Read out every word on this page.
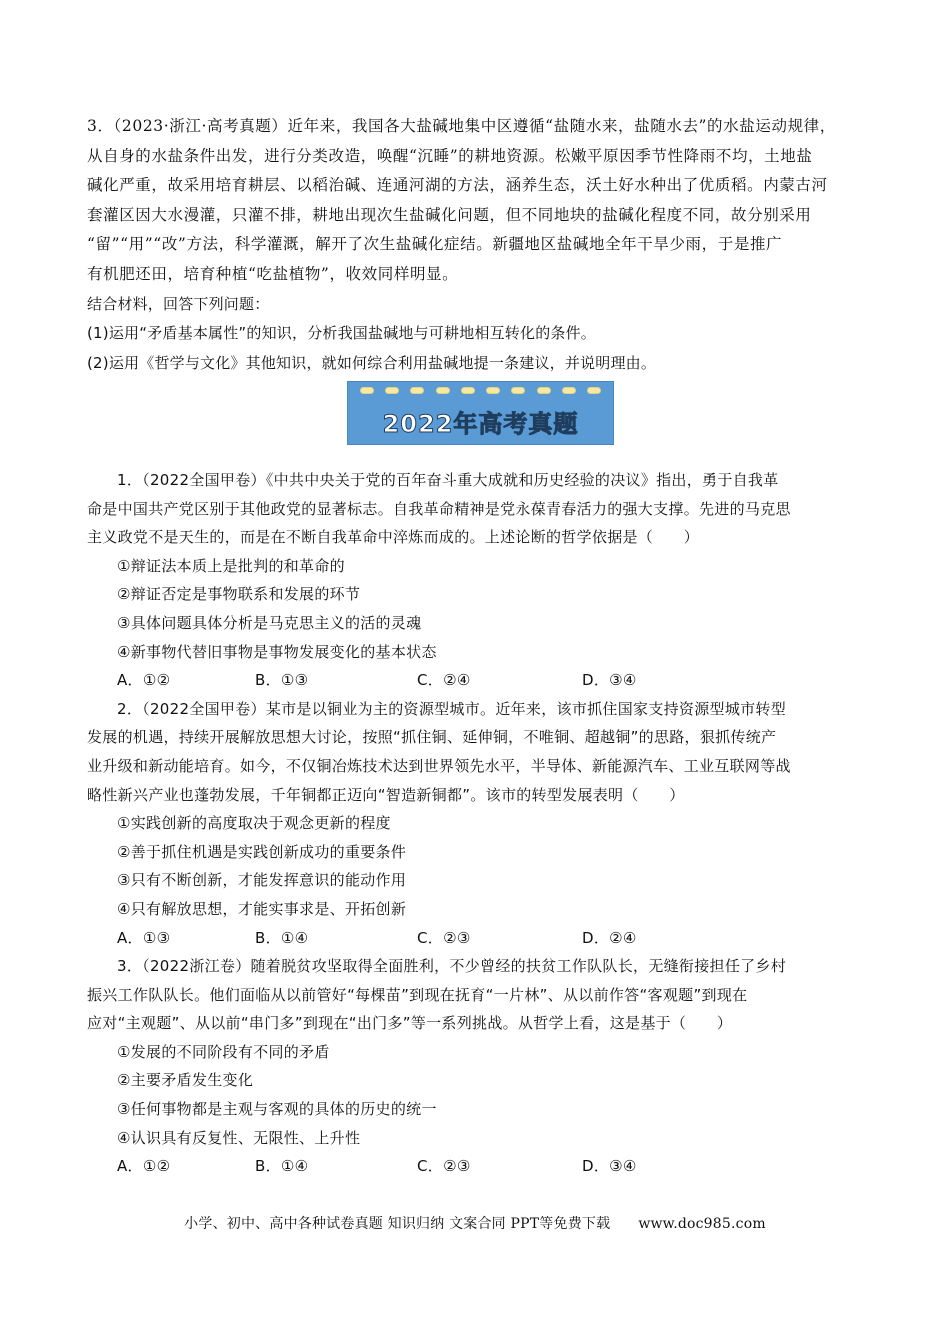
3．（2023·浙江·高考真题）近年来，我国各大盐碱地集中区遵循“盐随水来，盐随水去”的水盐运动规律，
从自身的水盐条件出发，进行分类改造，唤醒“沉睡”的耕地资源。松嫩平原因季节性降雨不均，土地盐
碱化严重，故采用培育耕层、以稻治碱、连通河湖的方法，涵养生态，沃土好水种出了优质稻。内蒙古河
套灌区因大水漫灌，只灌不排，耕地出现次生盐碱化问题，但不同地块的盐碱化程度不同，故分别采用
“留”“用”“改”方法，科学灌溉，解开了次生盐碱化症结。新疆地区盐碱地全年干旱少雨，于是推广
有机肥还田，培育种植“吃盐植物”，收效同样明显。
结合材料，回答下列问题：
(1)运用“矛盾基本属性”的知识，分析我国盐碱地与可耕地相互转化的条件。
(2)运用《哲学与文化》其他知识，就如何综合利用盐碱地提一条建议，并说明理由。
2022年高考真题
1．（2022全国甲卷）《中共中央关于党的百年奋斗重大成就和历史经验的决议》指出，勇于自我革
命是中国共产党区别于其他政党的显著标志。自我革命精神是党永葆青春活力的强大支撑。先进的马克思
主义政党不是天生的，而是在不断自我革命中淬炼而成的。上述论断的哲学依据是（　　）
①辩证法本质上是批判的和革命的
②辩证否定是事物联系和发展的环节
③具体问题具体分析是马克思主义的活的灵魂
④新事物代替旧事物是事物发展变化的基本状态
A．①②	B．①③	C．②④	D．③④
2．（2022全国甲卷）某市是以铜业为主的资源型城市。近年来，该市抓住国家支持资源型城市转型
发展的机遇，持续开展解放思想大讨论，按照“抓住铜、延伸铜，不唯铜、超越铜”的思路，狠抓传统产
业升级和新动能培育。如今，不仅铜冶炼技术达到世界领先水平，半导体、新能源汽车、工业互联网等战
略性新兴产业也蓬勃发展，千年铜都正迈向“智造新铜都”。该市的转型发展表明（　　）
①实践创新的高度取决于观念更新的程度
②善于抓住机遇是实践创新成功的重要条件
③只有不断创新，才能发挥意识的能动作用
④只有解放思想，才能实事求是、开拓创新
A．①③	B．①④	C．②③	D．②④
3．（2022浙江卷）随着脱贫攻坚取得全面胜利，不少曾经的扶贫工作队队长，无缝衔接担任了乡村
振兴工作队队长。他们面临从以前管好“每棵苗”到现在抚育“一片林”、从以前作答“客观题”到现在
应对“主观题”、从以前“串门多”到现在“出门多”等一系列挑战。从哲学上看，这是基于（　　）
①发展的不同阶段有不同的矛盾
②主要矛盾发生变化
③任何事物都是主观与客观的具体的历史的统一
④认识具有反复性、无限性、上升性
A．①②	B．①④	C．②③	D．③④
小学、初中、高中各种试卷真题 知识归纳 文案合同 PPT等免费下载 www.doc985.com
